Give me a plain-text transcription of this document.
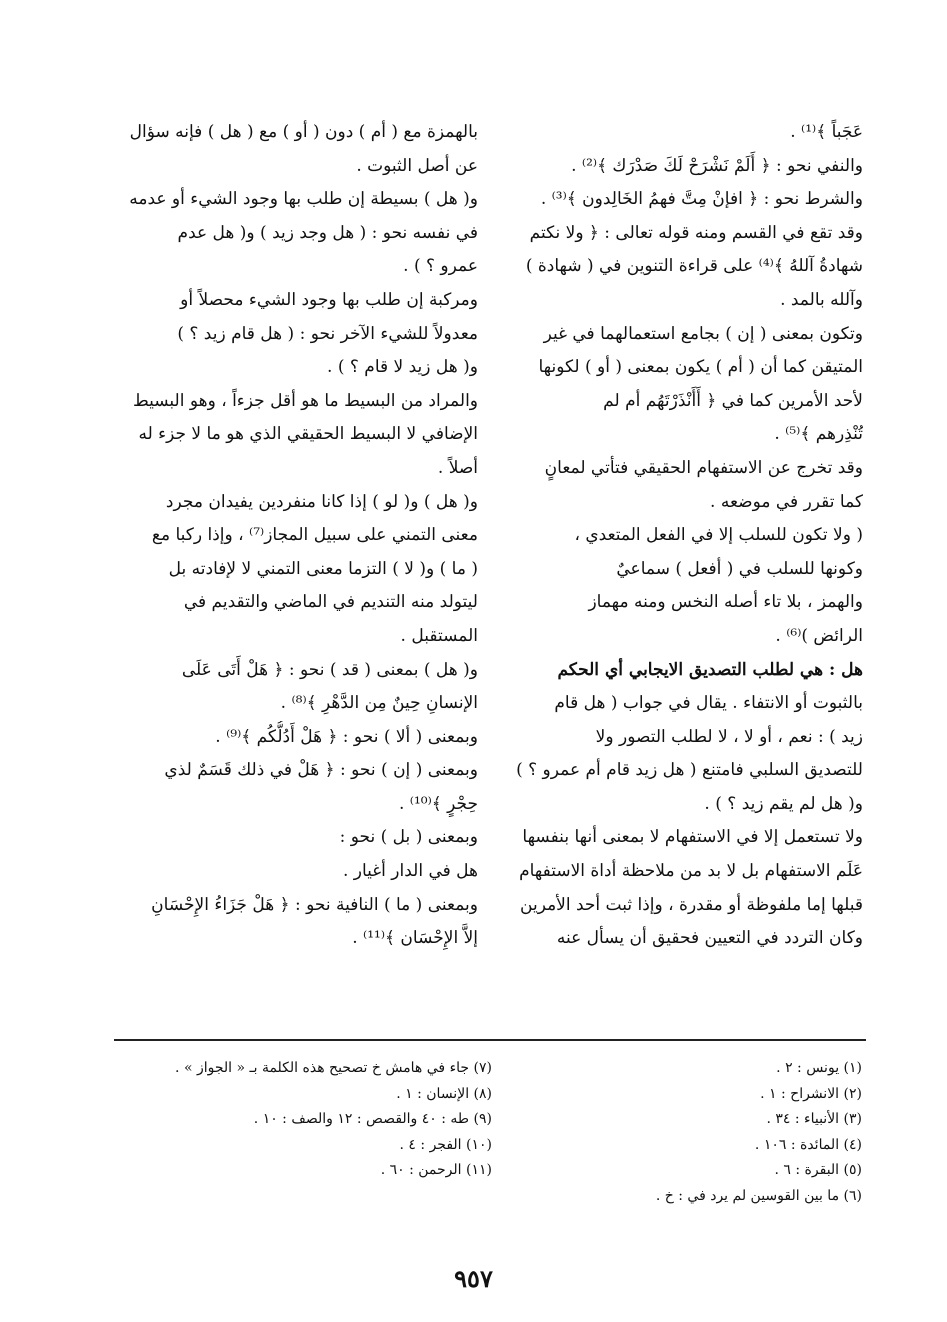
عَجَباً ﴾⁽¹⁾ .
والنفي نحو : ﴿ أَلَمْ نَشْرَحْ لَكَ صَدْرَك ﴾⁽²⁾ .
والشرط نحو : ﴿ افإنْ مِتَّ فهمُ الخَالِدون ﴾⁽³⁾ .
وقد تقع في القسم ومنه قوله تعالى : ﴿ ولا نكتم
شهادةُ آللهُ ﴾⁽⁴⁾ على قراءة التنوين في ( شهادة )
وآلله بالمد .
وتكون بمعنى ( إن ) بجامع استعمالهما في غير
المتيقن كما أن ( أم ) يكون بمعنى ( أو ) لكونها
لأحد الأمرين كما في ﴿ أَأَنْذَرْتَهُم أم لم
تُنْذِرهم ﴾⁽⁵⁾ .
وقد تخرج عن الاستفهام الحقيقي فتأتي لمعانٍ
كما تقرر في موضعه .
( ولا تكون للسلب إلا في الفعل المتعدي ،
وكونها للسلب في ( أفعل ) سماعيٌ
والهمز ، بلا تاء أصله النخس ومنه مهماز
الرائض )⁽⁶⁾ .
هل : هي لطلب التصديق الايجابي أي الحكم
بالثبوت أو الانتفاء . يقال في جواب ( هل قام
زيد ) : نعم ، أو لا ، لا لطلب التصور ولا
للتصديق السلبي فامتنع ( هل زيد قام أم عمرو ؟ )
و( هل لم يقم زيد ؟ ) .
ولا تستعمل إلا في الاستفهام لا بمعنى أنها بنفسها
عَلَم الاستفهام بل لا بد من ملاحظة أداة الاستفهام
قبلها إما ملفوظة أو مقدرة ، وإذا ثبت أحد الأمرين
وكان التردد في التعيين فحقيق أن يسأل عنه
بالهمزة مع ( أم ) دون ( أو ) مع ( هل ) فإنه سؤال
عن أصل الثبوت .
و( هل ) بسيطة إن طلب بها وجود الشيء أو عدمه
في نفسه نحو : ( هل وجد زيد ) و( هل عدم
عمرو ؟ ) .
ومركبة إن طلب بها وجود الشيء محصلاً أو
معدولاً للشيء الآخر نحو : ( هل قام زيد ؟ )
و( هل زيد لا قام ؟ ) .
والمراد من البسيط ما هو أقل جزءاً ، وهو البسيط
الإضافي لا البسيط الحقيقي الذي هو ما لا جزء له
أصلاً .
و( هل ) و( لو ) إذا كانا منفردين يفيدان مجرد
معنى التمني على سبيل المجاز⁽⁷⁾ ، وإذا ركبا مع
( ما ) و( لا ) التزما معنى التمني لا لإفادته بل
ليتولد منه التنديم في الماضي والتقديم في
المستقبل .
و( هل ) بمعنى ( قد ) نحو : ﴿ هَلْ أَتَى عَلَى
الإنسانِ حِينٌ مِن الدَّهْرِ ﴾⁽⁸⁾ .
وبمعنى ( ألا ) نحو : ﴿ هَلْ أَدُلُّكُم ﴾⁽⁹⁾ .
وبمعنى ( إن ) نحو : ﴿ هَلْ في ذلك قَسَمٌ لذي
حِجْرٍ ﴾⁽¹⁰⁾ .
وبمعنى ( بل ) نحو :
هل في الدار أغيار .
وبمعنى ( ما ) النافية نحو : ﴿ هَلْ جَزَاءُ الإِحْسَانِ
إلاَّ الإِحْسَان ﴾⁽¹¹⁾ .
(١) يونس : ٢ .
(٢) الانشراح : ١ .
(٣) الأنبياء : ٣٤ .
(٤) المائدة : ١٠٦ .
(٥) البقرة : ٦ .
(٦) ما بين القوسين لم يرد في : خ .
(٧) جاء في هامش خ تصحيح هذه الكلمة بـ « الجواز » .
(٨) الإنسان : ١ .
(٩) طه : ٤٠ والقصص : ١٢ والصف : ١٠ .
(١٠) الفجر : ٤ .
(١١) الرحمن : ٦٠ .
٩٥٧
